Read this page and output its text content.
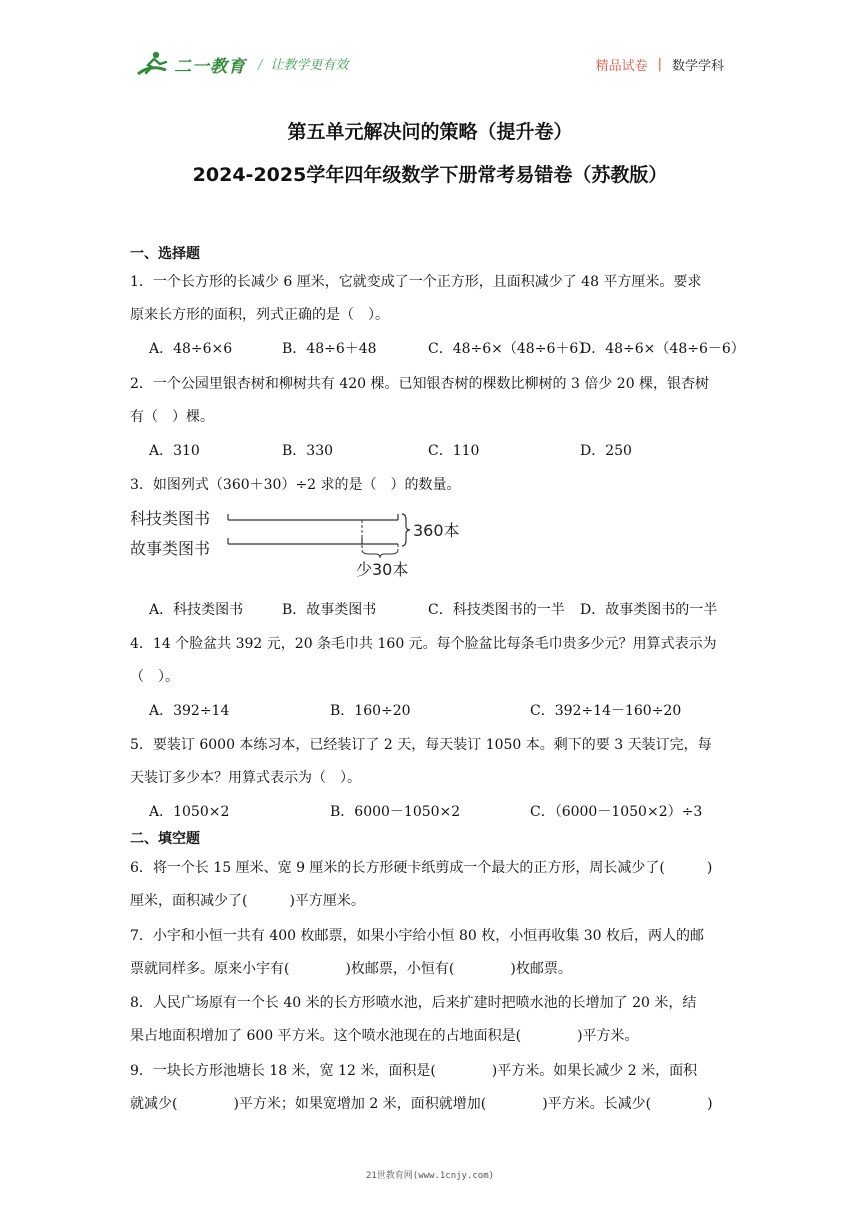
二一教育 / 让教学更有效	精品试卷 | 数学学科
第五单元解决问的策略（提升卷）
2024-2025学年四年级数学下册常考易错卷（苏教版）
一、选择题
1．一个长方形的长减少 6 厘米，它就变成了一个正方形，且面积减少了 48 平方厘米。要求
原来长方形的面积，列式正确的是（　）。
A．48÷6×6	B．48÷6＋48	C．48÷6×（48÷6＋6）
D．48÷6×（48÷6－6）
2．一个公园里银杏树和柳树共有 420 棵。已知银杏树的棵数比柳树的 3 倍少 20 棵，银杏树
有（　）棵。
A．310	B．330	C．110	D．250
3．如图列式（360＋30）÷2 求的是（　）的数量。
科技类图书
故事类图书
360本
少30本
A．科技类图书	B．故事类图书	C．科技类图书的一半 D．故事类图书的一半
4．14 个脸盆共 392 元，20 条毛巾共 160 元。每个脸盆比每条毛巾贵多少元？用算式表示为
（　）。
A．392÷14	B．160÷20	C．392÷14－160÷20
5．要装订 6000 本练习本，已经装订了 2 天，每天装订 1050 本。剩下的要 3 天装订完，每
天装订多少本？用算式表示为（　）。
A．1050×2	B．6000－1050×2	C．（6000－1050×2）÷3
二、填空题
6．将一个长 15 厘米、宽 9 厘米的长方形硬卡纸剪成一个最大的正方形，周长减少了(　　　)
厘米，面积减少了(　　　)平方厘米。
7．小宇和小恒一共有 400 枚邮票，如果小宇给小恒 80 枚，小恒再收集 30 枚后，两人的邮
票就同样多。原来小宇有(　　　　)枚邮票，小恒有(　　　　)枚邮票。
8．人民广场原有一个长 40 米的长方形喷水池，后来扩建时把喷水池的长增加了 20 米，结
果占地面积增加了 600 平方米。这个喷水池现在的占地面积是(　　　　)平方米。
9．一块长方形池塘长 18 米，宽 12 米，面积是(　　　　)平方米。如果长减少 2 米，面积
就减少(　　　　)平方米；如果宽增加 2 米，面积就增加(　　　　)平方米。长减少(　　　　)
21世教育网(www.1cnjy.com)
